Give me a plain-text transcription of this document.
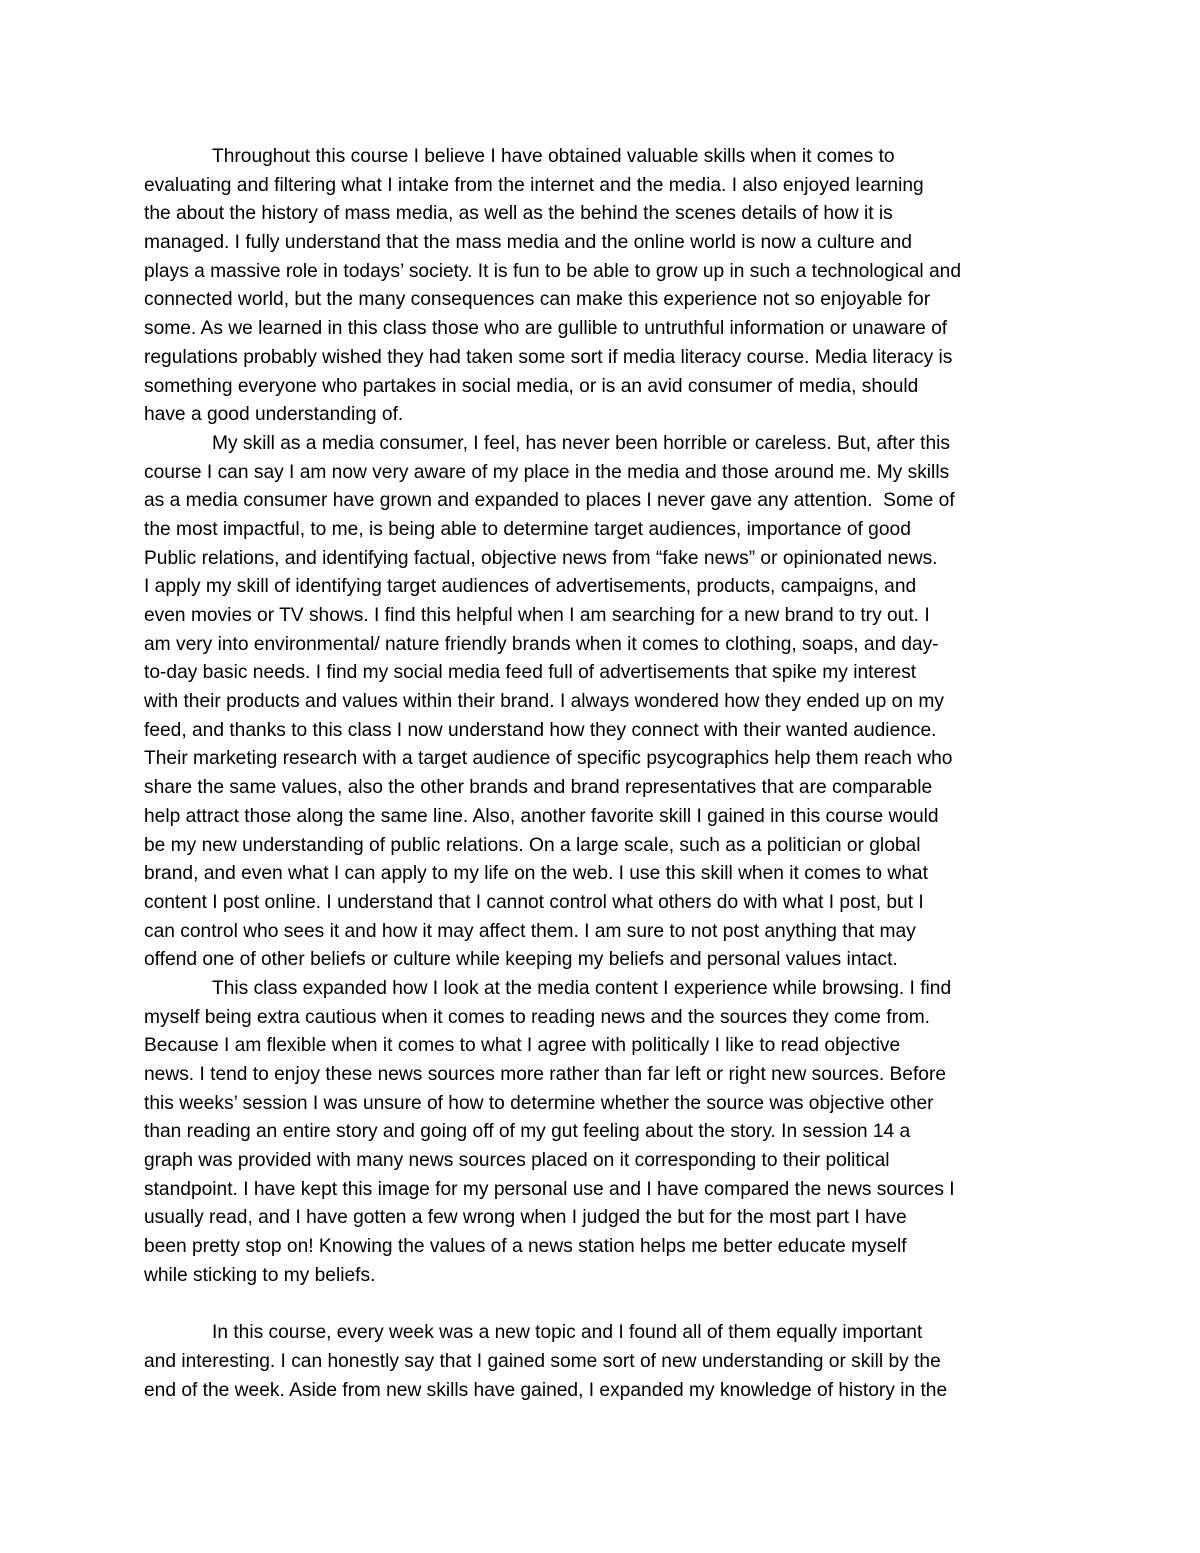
Throughout this course I believe I have obtained valuable skills when it comes to
evaluating and filtering what I intake from the internet and the media. I also enjoyed learning
the about the history of mass media, as well as the behind the scenes details of how it is
managed. I fully understand that the mass media and the online world is now a culture and
plays a massive role in todays’ society. It is fun to be able to grow up in such a technological and
connected world, but the many consequences can make this experience not so enjoyable for
some. As we learned in this class those who are gullible to untruthful information or unaware of
regulations probably wished they had taken some sort if media literacy course. Media literacy is
something everyone who partakes in social media, or is an avid consumer of media, should
have a good understanding of.
My skill as a media consumer, I feel, has never been horrible or careless. But, after this
course I can say I am now very aware of my place in the media and those around me. My skills
as a media consumer have grown and expanded to places I never gave any attention.  Some of
the most impactful, to me, is being able to determine target audiences, importance of good
Public relations, and identifying factual, objective news from “fake news” or opinionated news.
I apply my skill of identifying target audiences of advertisements, products, campaigns, and
even movies or TV shows. I find this helpful when I am searching for a new brand to try out. I
am very into environmental/ nature friendly brands when it comes to clothing, soaps, and day-
to-day basic needs. I find my social media feed full of advertisements that spike my interest
with their products and values within their brand. I always wondered how they ended up on my
feed, and thanks to this class I now understand how they connect with their wanted audience.
Their marketing research with a target audience of specific psycographics help them reach who
share the same values, also the other brands and brand representatives that are comparable
help attract those along the same line. Also, another favorite skill I gained in this course would
be my new understanding of public relations. On a large scale, such as a politician or global
brand, and even what I can apply to my life on the web. I use this skill when it comes to what
content I post online. I understand that I cannot control what others do with what I post, but I
can control who sees it and how it may affect them. I am sure to not post anything that may
offend one of other beliefs or culture while keeping my beliefs and personal values intact.
This class expanded how I look at the media content I experience while browsing. I find
myself being extra cautious when it comes to reading news and the sources they come from.
Because I am flexible when it comes to what I agree with politically I like to read objective
news. I tend to enjoy these news sources more rather than far left or right new sources. Before
this weeks’ session I was unsure of how to determine whether the source was objective other
than reading an entire story and going off of my gut feeling about the story. In session 14 a
graph was provided with many news sources placed on it corresponding to their political
standpoint. I have kept this image for my personal use and I have compared the news sources I
usually read, and I have gotten a few wrong when I judged the but for the most part I have
been pretty stop on! Knowing the values of a news station helps me better educate myself
while sticking to my beliefs.
In this course, every week was a new topic and I found all of them equally important
and interesting. I can honestly say that I gained some sort of new understanding or skill by the
end of the week. Aside from new skills have gained, I expanded my knowledge of history in the
